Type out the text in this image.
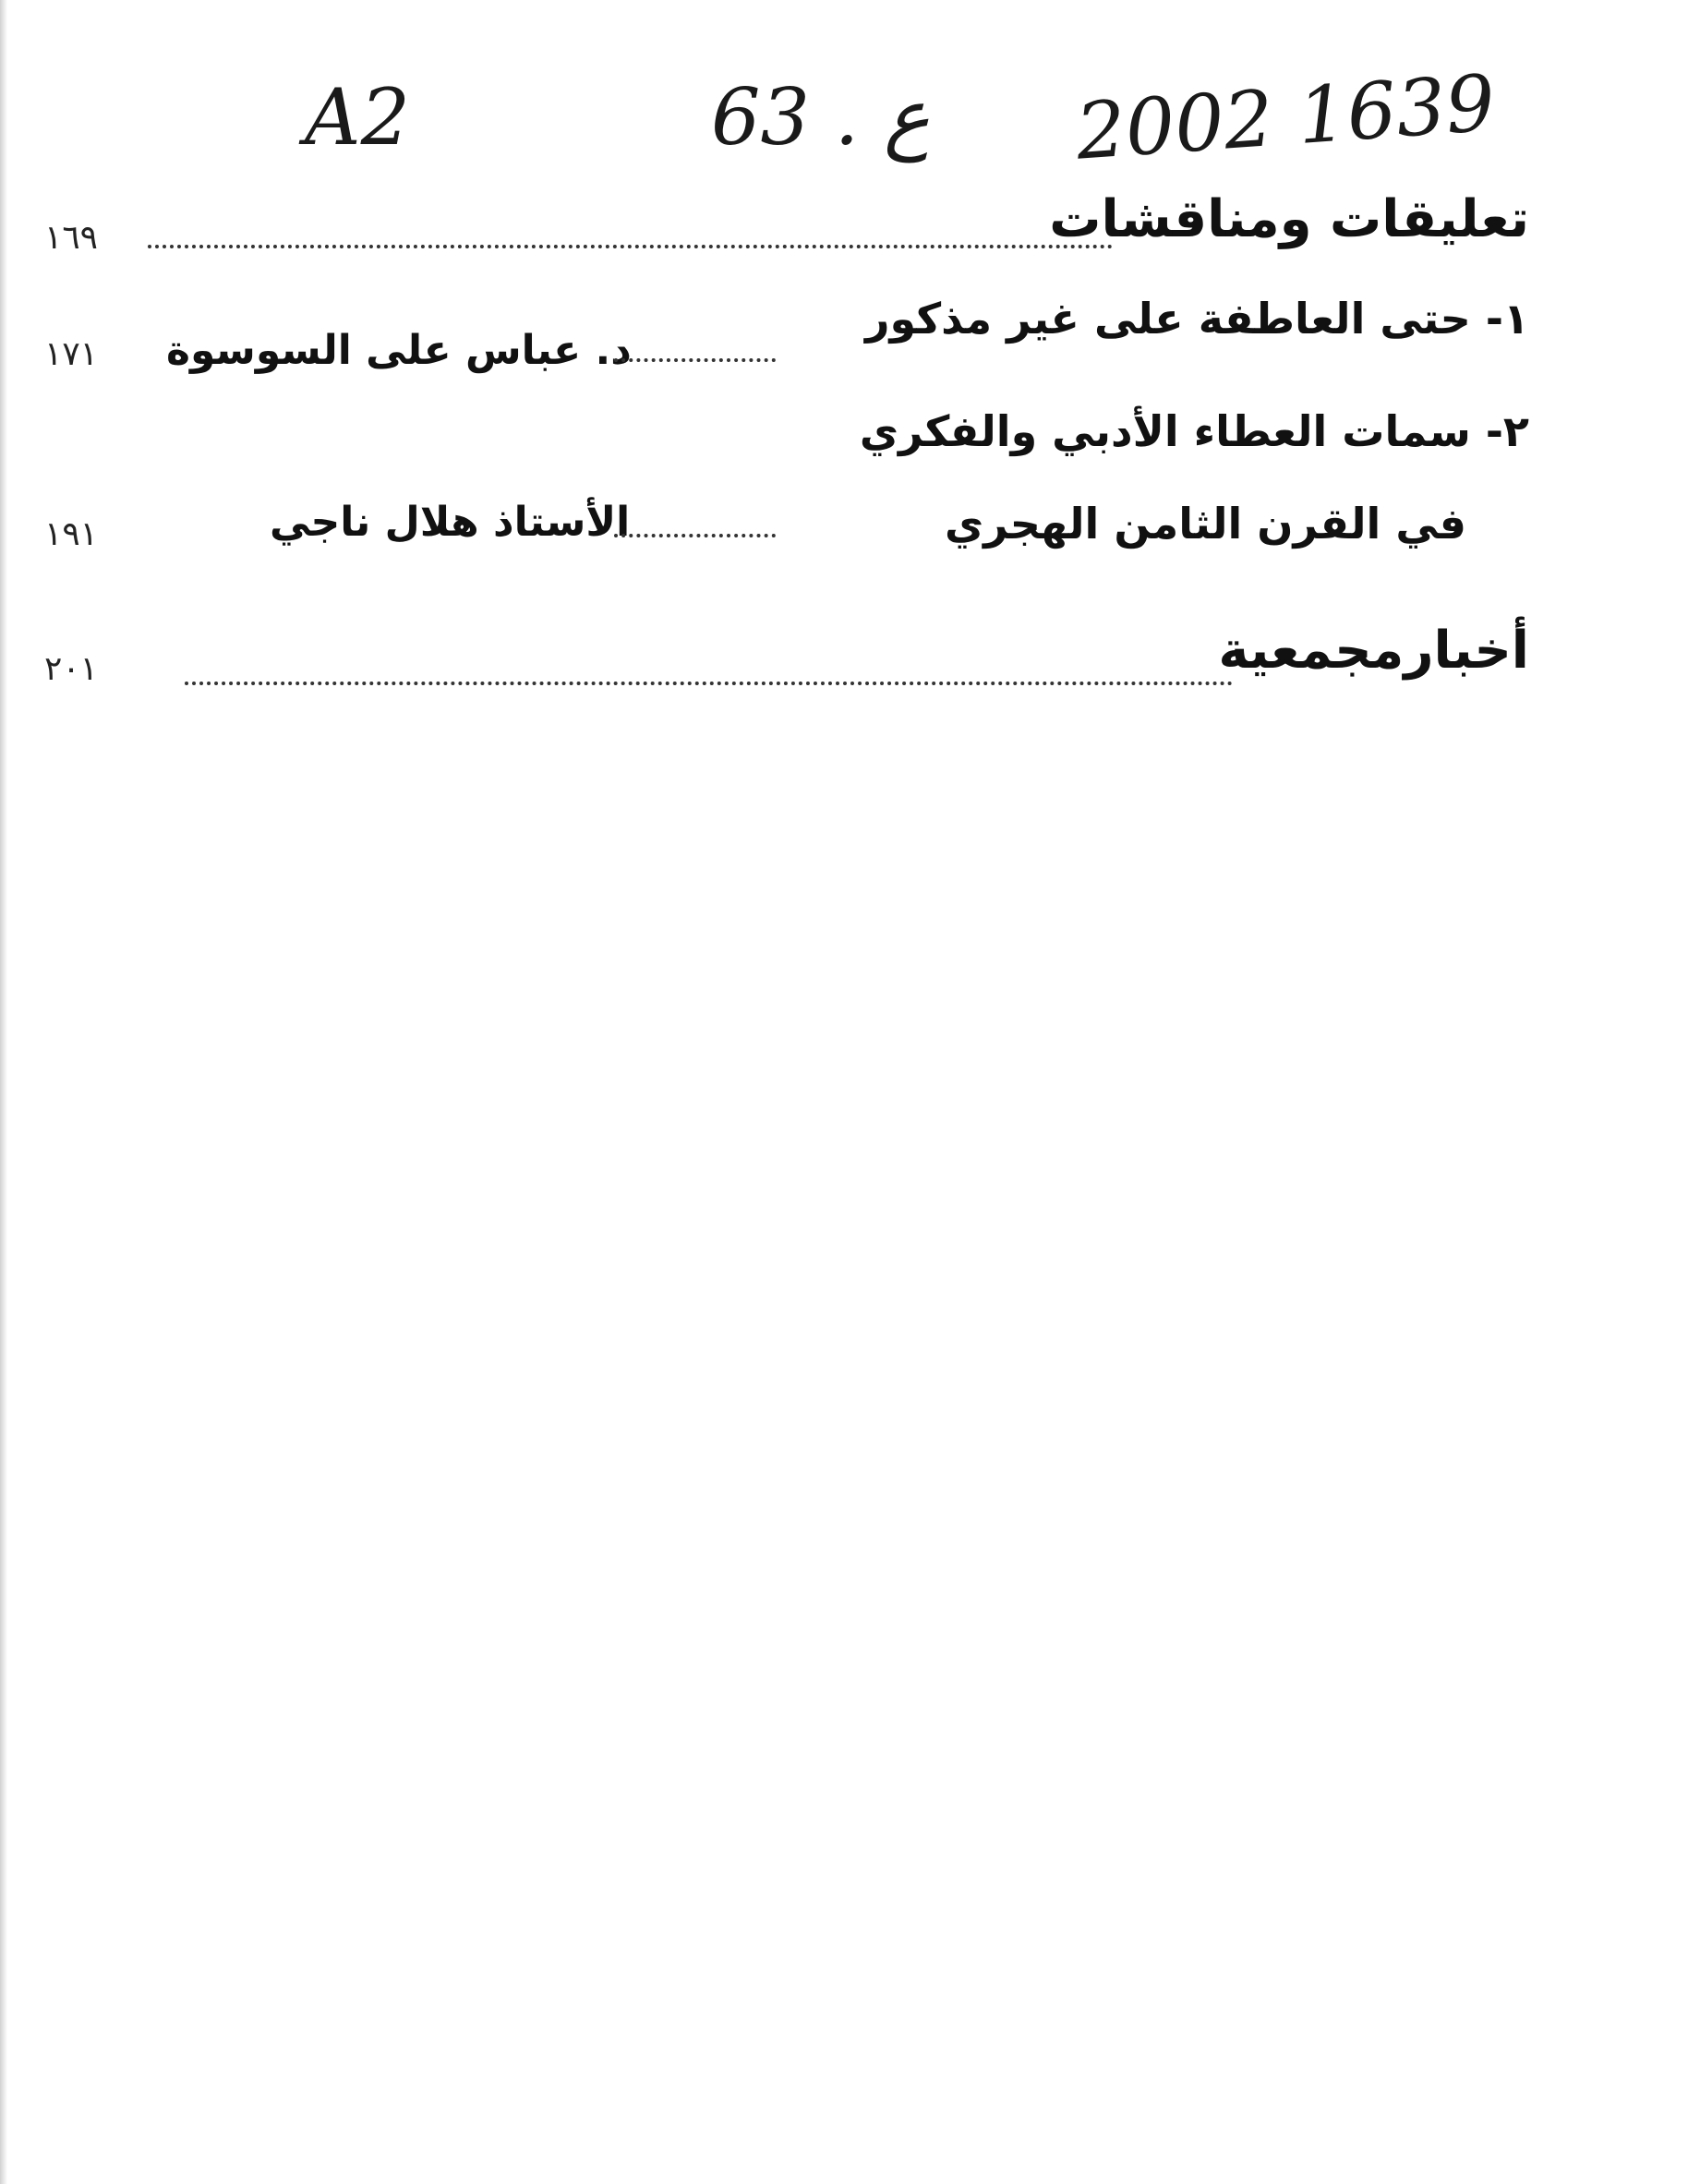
A2	63 . ع 2002 1639
تعليقات ومناقشات
١٦٩
١- حتى العاطفة على غير مذكور
د. عباس على السوسوة
١٧١
٢- سمات العطاء الأدبي والفكري
في القرن الثامن الهجري
الأستاذ هلال ناجي
١٩١
أخبارمجمعية
٢٠١
